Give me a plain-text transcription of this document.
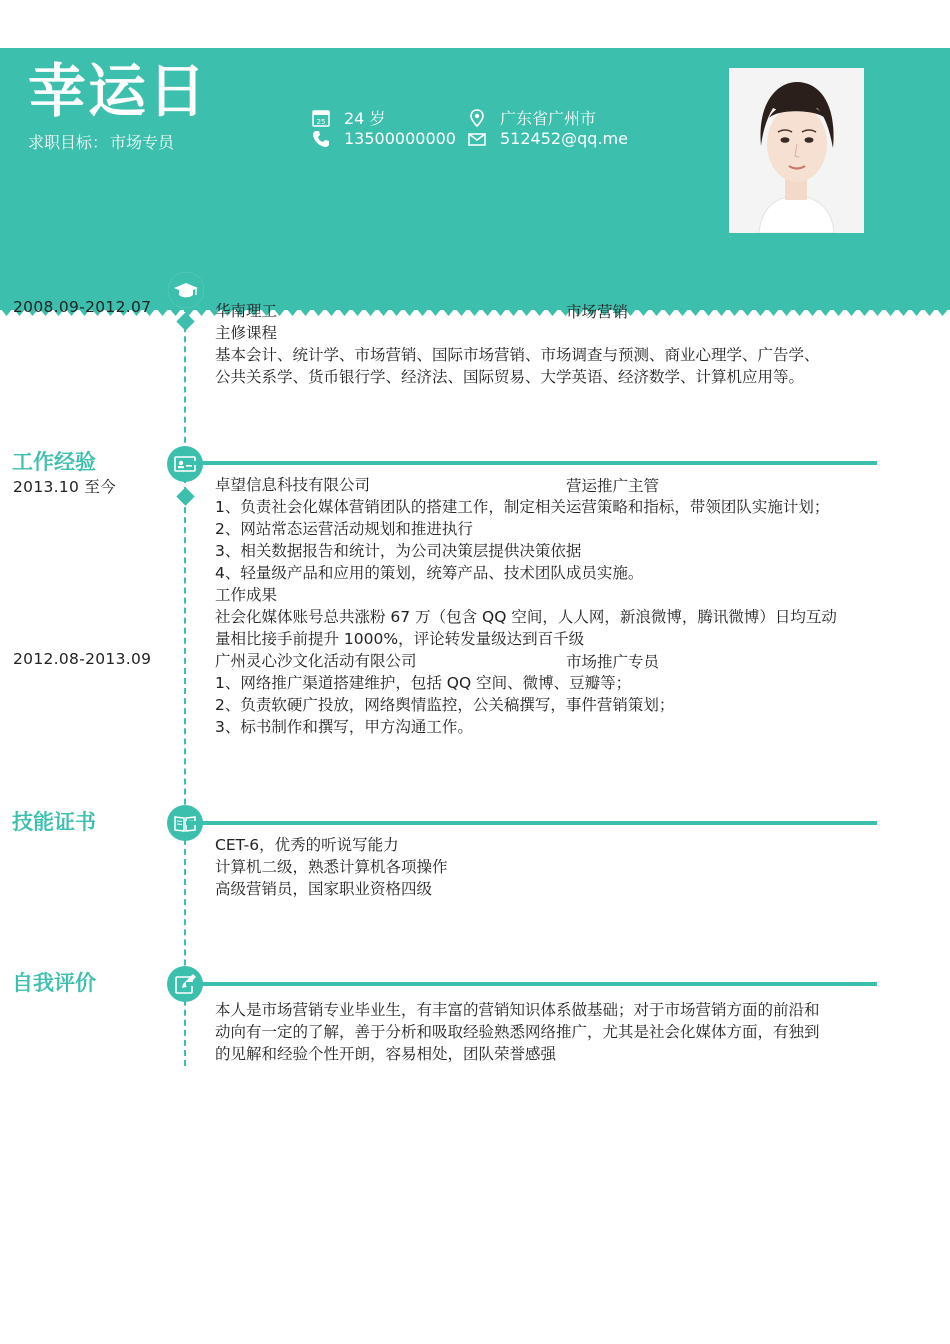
幸运日
求职目标： 市场专员
25 24 岁
13500000000
广东省广州市
512452@qq.me
2008.09-2012.07	华南理工	市场营销
主修课程
基本会计、统计学、市场营销、国际市场营销、市场调查与预测、商业心理学、广告学、
公共关系学、货币银行学、经济法、国际贸易、大学英语、经济数学、计算机应用等。
工作经验
2013.10 至今	卓望信息科技有限公司	营运推广主管
1、负责社会化媒体营销团队的搭建工作，制定相关运营策略和指标，带领团队实施计划；
2、网站常态运营活动规划和推进执行
3、相关数据报告和统计，为公司决策层提供决策依据
4、轻量级产品和应用的策划，统筹产品、技术团队成员实施。
工作成果
社会化媒体账号总共涨粉 67 万（包含 QQ 空间，人人网，新浪微博，腾讯微博）日均互动
量相比接手前提升 1000%，评论转发量级达到百千级
2012.08-2013.09	广州灵心沙文化活动有限公司	市场推广专员
1、网络推广渠道搭建维护，包括 QQ 空间、微博、豆瓣等；
2、负责软硬广投放，网络舆情监控，公关稿撰写，事件营销策划；
3、标书制作和撰写，甲方沟通工作。
技能证书
CET-6，优秀的听说写能力
计算机二级，熟悉计算机各项操作
高级营销员，国家职业资格四级
自我评价
本人是市场营销专业毕业生，有丰富的营销知识体系做基础；对于市场营销方面的前沿和
动向有一定的了解，善于分析和吸取经验熟悉网络推广，尤其是社会化媒体方面，有独到
的见解和经验个性开朗，容易相处，团队荣誉感强
